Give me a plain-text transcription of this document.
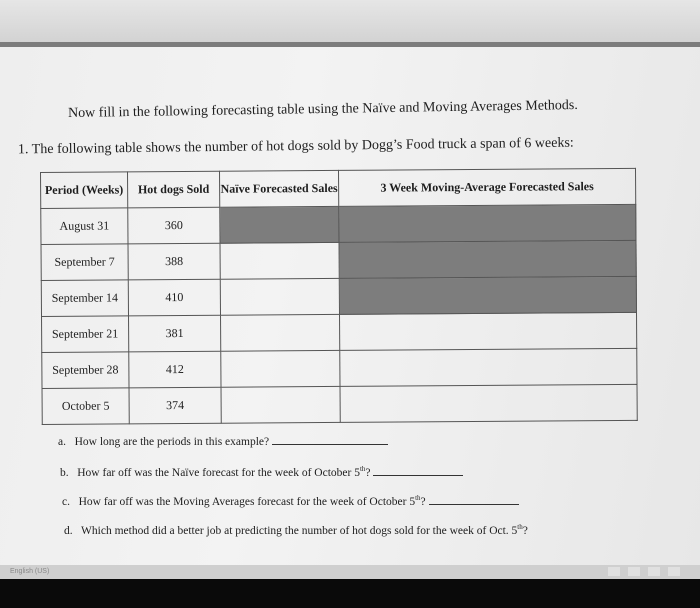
Now fill in the following forecasting table using the Naïve and Moving Averages Methods.
1. The following table shows the number of hot dogs sold by Dogg’s Food truck a span of 6 weeks:
Period (Weeks)	Hot dogs Sold	Naïve Forecasted Sales	3 Week Moving-Average Forecasted Sales
August 31	360		
September 7	388		
September 14	410		
September 21	381		
September 28	412		
October 5	374		
a. How long are the periods in this example?
b. How far off was the Naïve forecast for the week of October 5th?
c. How far off was the Moving Averages forecast for the week of October 5th?
d. Which method did a better job at predicting the number of hot dogs sold for the week of Oct. 5th?
English (US)
